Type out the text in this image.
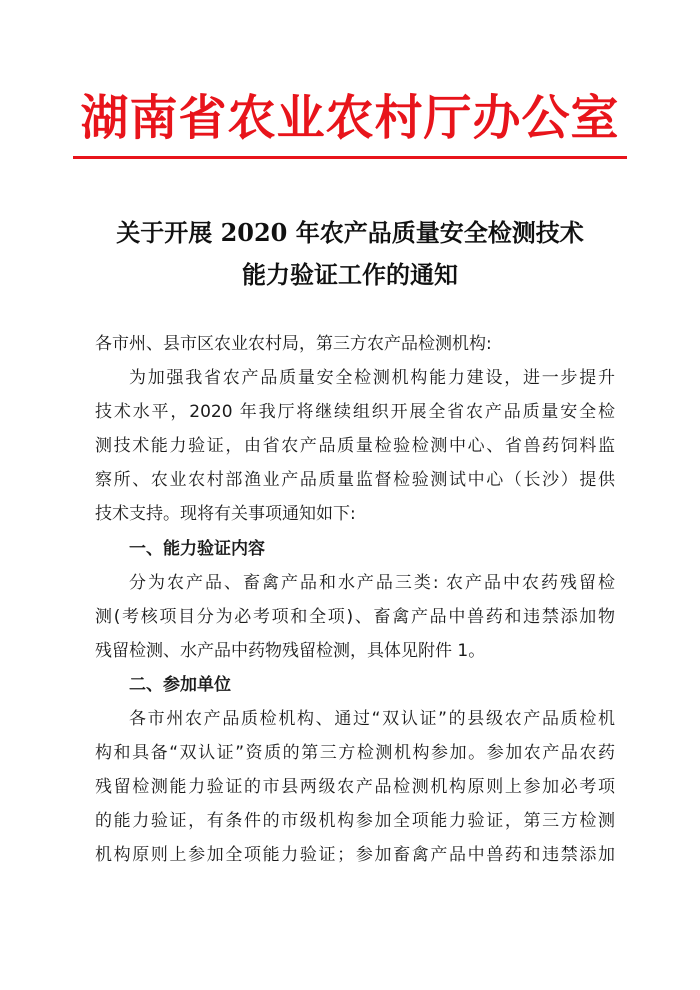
湖南省农业农村厅办公室
关于开展 2020 年农产品质量安全检测技术
能力验证工作的通知
各市州、县市区农业农村局，第三方农产品检测机构:
为加强我省农产品质量安全检测机构能力建设，进一步提升
技术水平，2020 年我厅将继续组织开展全省农产品质量安全检
测技术能力验证，由省农产品质量检验检测中心、省兽药饲料监
察所、农业农村部渔业产品质量监督检验测试中心（长沙）提供
技术支持。现将有关事项通知如下:
一、能力验证内容
分为农产品、畜禽产品和水产品三类: 农产品中农药残留检
测(考核项目分为必考项和全项)、畜禽产品中兽药和违禁添加物
残留检测、水产品中药物残留检测，具体见附件 1。
二、参加单位
各市州农产品质检机构、通过“双认证”的县级农产品质检机
构和具备“双认证”资质的第三方检测机构参加。参加农产品农药
残留检测能力验证的市县两级农产品检测机构原则上参加必考项
的能力验证，有条件的市级机构参加全项能力验证，第三方检测
机构原则上参加全项能力验证；参加畜禽产品中兽药和违禁添加
